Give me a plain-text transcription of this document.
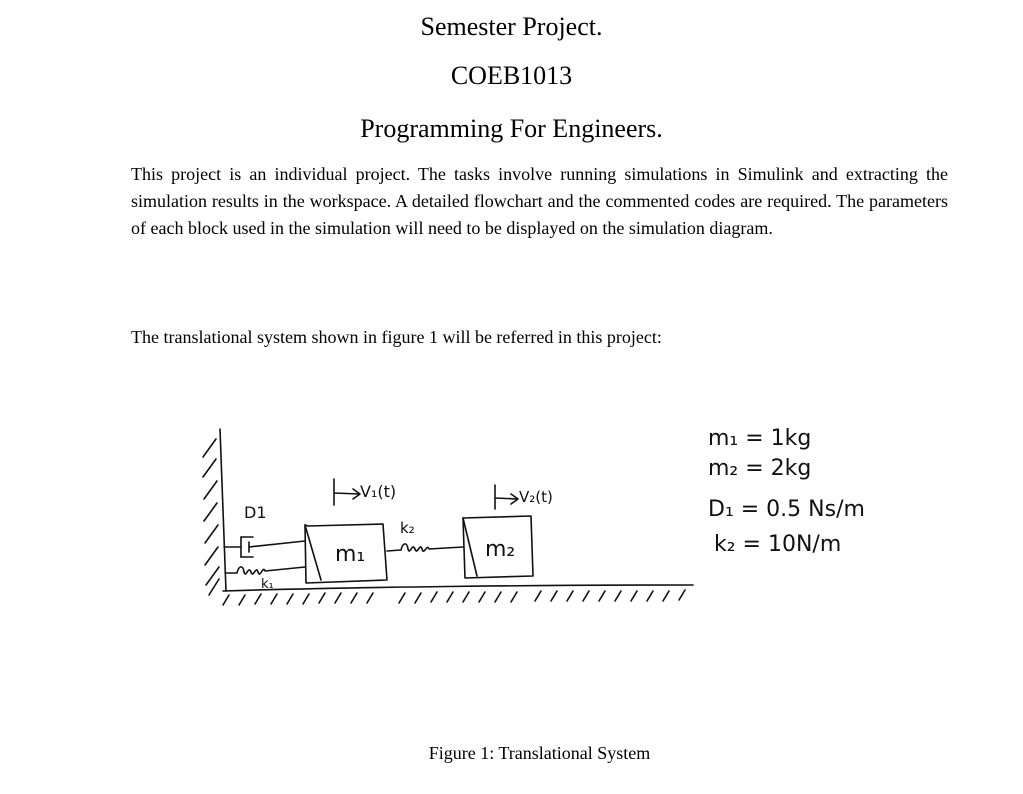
Semester Project.
COEB1013
Programming For Engineers.

This project is an individual project. The tasks involve running simulations in Simulink and extracting the simulation results in the workspace. A detailed flowchart and the commented codes are required. The parameters of each block used in the simulation will need to be displayed on the simulation diagram.

The translational system shown in figure 1 will be referred in this project:

D1
V₁(t)	V₂(t)
k₂
k₁
m₁	m₂
m₁ = 1kg
m₂ = 2kg
D₁ = 0.5 Ns/m
k₂ = 10N/m

Figure 1: Translational System
